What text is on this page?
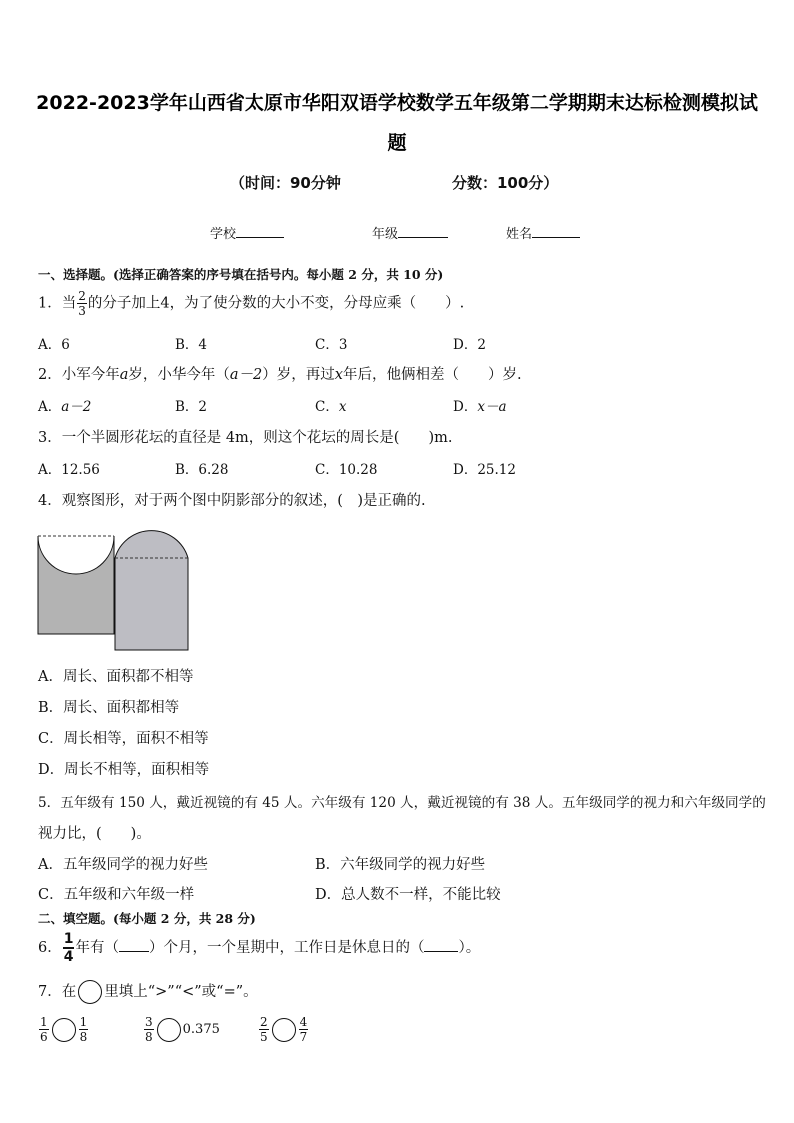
2022-2023学年山西省太原市华阳双语学校数学五年级第二学期期末达标检测模拟试
题
（时间：90分钟	分数：100分）
学校	年级	姓名
一、选择题。(选择正确答案的序号填在括号内。每小题 2 分，共 10 分)
1．当 $\frac{2}{3}$ 的分子加上4，为了使分数的大小不变，分母应乘（　　）.
A．6	B．4	C．3	D．2
2．小军今年a岁，小华今年（a－2）岁，再过x年后，他俩相差（　　）岁.
A．a－2	B．2	C．x	D．x－a
3．一个半圆形花坛的直径是 4m，则这个花坛的周长是(　　)m.
A．12.56	B．6.28	C．10.28	D．25.12
4．观察图形，对于两个图中阴影部分的叙述，(　)是正确的.
A．周长、面积都不相等
B．周长、面积都相等
C．周长相等，面积不相等
D．周长不相等，面积相等
5．五年级有 150 人，戴近视镜的有 45 人。六年级有 120 人，戴近视镜的有 38 人。五年级同学的视力和六年级同学的
视力比，(　　)。
A．五年级同学的视力好些	B．六年级同学的视力好些
C．五年级和六年级一样	D．总人数不一样，不能比较
二、填空题。(每小题 2 分，共 28 分)
6． $\frac{1}{4}$ 年有（ ）个月，一个星期中，工作日是休息日的（ ）。
7．在 里填上“>”“<”或“=”。
$\frac{1}{6}$	$\frac{1}{8}$	$\frac{3}{8} 0.375$	$\frac{2}{5}$	$\frac{4}{7}$
